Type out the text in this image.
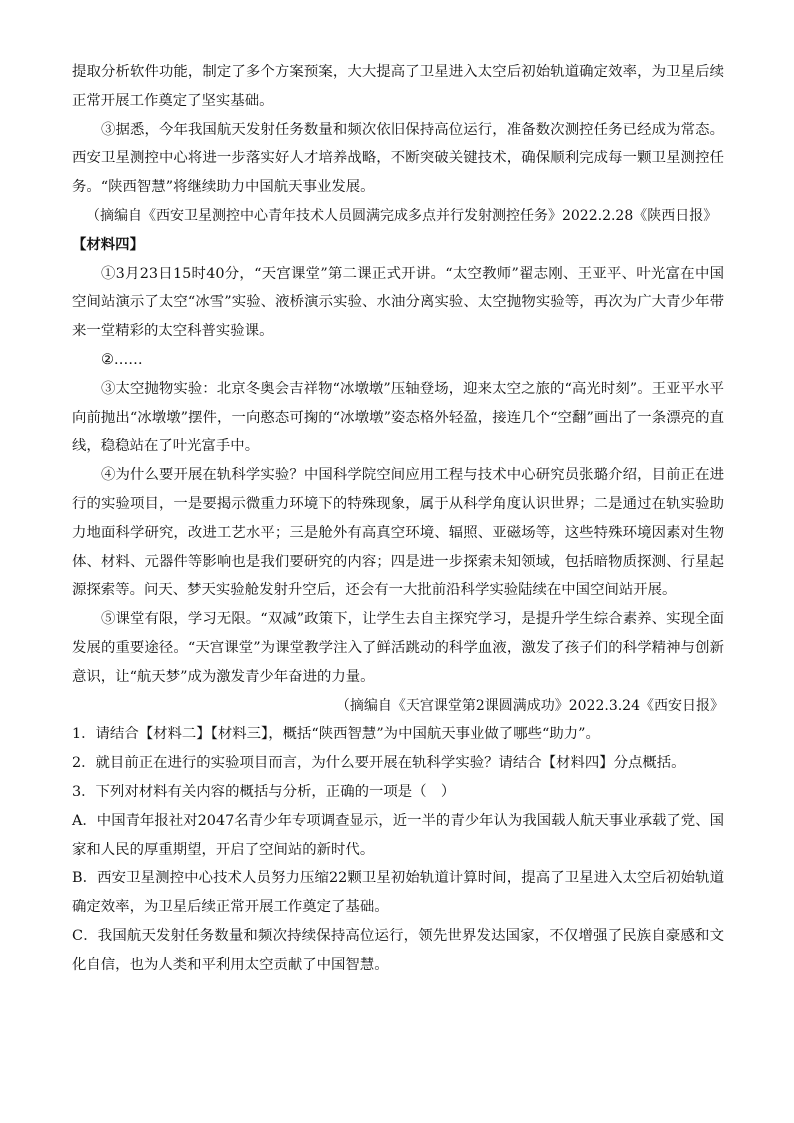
提取分析软件功能，制定了多个方案预案，大大提高了卫星进入太空后初始轨道确定效率，为卫星后续正常开展工作奠定了坚实基础。

③据悉，今年我国航天发射任务数量和频次依旧保持高位运行，准备数次测控任务已经成为常态。西安卫星测控中心将进一步落实好人才培养战略，不断突破关键技术，确保顺利完成每一颗卫星测控任务。“陕西智慧”将继续助力中国航天事业发展。

（摘编自《西安卫星测控中心青年技术人员圆满完成多点并行发射测控任务》2022.2.28《陕西日报》

【材料四】

①3月23日15时40分，“天宫课堂”第二课正式开讲。“太空教师”翟志刚、王亚平、叶光富在中国空间站演示了太空“冰雪”实验、液桥演示实验、水油分离实验、太空抛物实验等，再次为广大青少年带来一堂精彩的太空科普实验课。

②……

③太空抛物实验：北京冬奥会吉祥物“冰墩墩”压轴登场，迎来太空之旅的“高光时刻”。王亚平水平向前抛出“冰墩墩”摆件，一向憨态可掬的“冰墩墩”姿态格外轻盈，接连几个“空翻”画出了一条漂亮的直线，稳稳站在了叶光富手中。

④为什么要开展在轨科学实验？中国科学院空间应用工程与技术中心研究员张璐介绍，目前正在进行的实验项目，一是要揭示微重力环境下的特殊现象，属于从科学角度认识世界；二是通过在轨实验助力地面科学研究，改进工艺水平；三是舱外有高真空环境、辐照、亚磁场等，这些特殊环境因素对生物体、材料、元器件等影响也是我们要研究的内容；四是进一步探索未知领域，包括暗物质探测、行星起源探索等。问天、梦天实验舱发射升空后，还会有一大批前沿科学实验陆续在中国空间站开展。

⑤课堂有限，学习无限。“双减”政策下，让学生去自主探究学习，是提升学生综合素养、实现全面发展的重要途径。“天宫课堂”为课堂教学注入了鲜活跳动的科学血液，激发了孩子们的科学精神与创新意识，让“航天梦”成为激发青少年奋进的力量。

（摘编自《天宫课堂第2课圆满成功》2022.3.24《西安日报》

1．请结合【材料二】【材料三】，概括“陕西智慧”为中国航天事业做了哪些“助力”。

2．就目前正在进行的实验项目而言，为什么要开展在轨科学实验？请结合【材料四】分点概括。

3．下列对材料有关内容的概括与分析，正确的一项是（　）

A．中国青年报社对2047名青少年专项调查显示，近一半的青少年认为我国载人航天事业承载了党、国家和人民的厚重期望，开启了空间站的新时代。

B．西安卫星测控中心技术人员努力压缩22颗卫星初始轨道计算时间，提高了卫星进入太空后初始轨道确定效率，为卫星后续正常开展工作奠定了基础。

C．我国航天发射任务数量和频次持续保持高位运行，领先世界发达国家，不仅增强了民族自豪感和文化自信，也为人类和平利用太空贡献了中国智慧。
